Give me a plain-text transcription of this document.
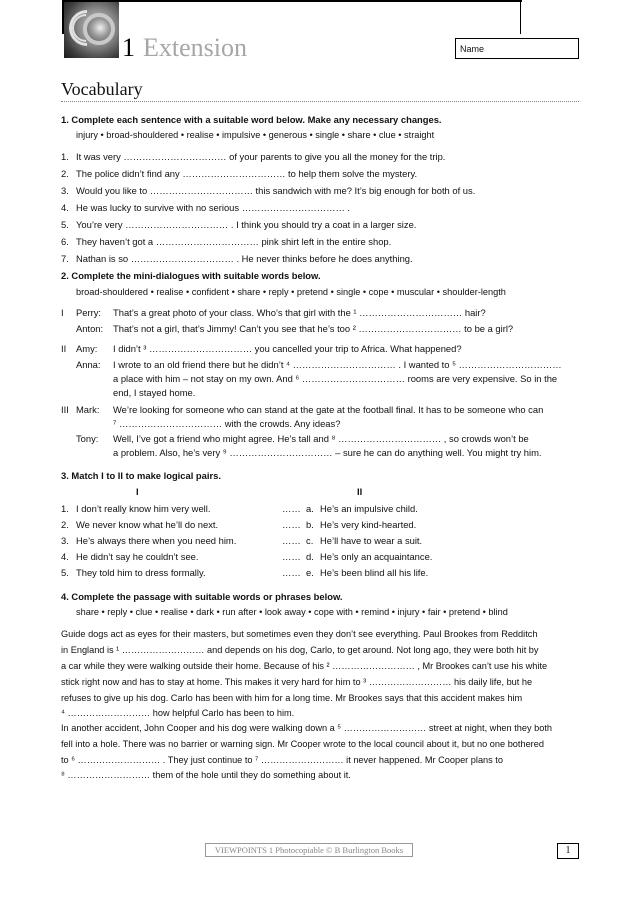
1 Extension	Name
Vocabulary
1. Complete each sentence with a suitable word below. Make any necessary changes.
injury • broad-shouldered • realise • impulsive • generous • single • share • clue • straight
1. It was very …………………………… of your parents to give you all the money for the trip.
2. The police didn’t find any …………………………… to help them solve the mystery.
3. Would you like to …………………………… this sandwich with me? It’s big enough for both of us.
4. He was lucky to survive with no serious …………………………… .
5. You’re very …………………………… . I think you should try a coat in a larger size.
6. They haven’t got a …………………………… pink shirt left in the entire shop.
7. Nathan is so …………………………… . He never thinks before he does anything.
2. Complete the mini-dialogues with suitable words below.
broad-shouldered • realise • confident • share • reply • pretend • single • cope • muscular • shoulder-length
I Perry: That’s a great photo of your class. Who’s that girl with the ¹ …………………………… hair?
Anton: That’s not a girl, that’s Jimmy! Can’t you see that he’s too ² …………………………… to be a girl?
II Amy: I didn’t ³ …………………………… you cancelled your trip to Africa. What happened?
Anna: I wrote to an old friend there but he didn’t ⁴ …………………………… . I wanted to ⁵ ……………………………
a place with him – not stay on my own. And ⁶ …………………………… rooms are very expensive. So in the
end, I stayed home.
III Mark: We’re looking for someone who can stand at the gate at the football final. It has to be someone who can
⁷ …………………………… with the crowds. Any ideas?
Tony: Well, I’ve got a friend who might agree. He’s tall and ⁸ …………………………… , so crowds won’t be
a problem. Also, he’s very ⁹ …………………………… – sure he can do anything well. You might try him.
3. Match I to II to make logical pairs.
I	II
1. I don’t really know him very well.	…… a. He’s an impulsive child.
2. We never know what he’ll do next.	…… b. He’s very kind-hearted.
3. He’s always there when you need him.	…… c. He’ll have to wear a suit.
4. He didn’t say he couldn’t see.	…… d. He’s only an acquaintance.
5. They told him to dress formally.	…… e. He’s been blind all his life.
4. Complete the passage with suitable words or phrases below.
share • reply • clue • realise • dark • run after • look away • cope with • remind • injury • fair • pretend • blind
Guide dogs act as eyes for their masters, but sometimes even they don’t see everything. Paul Brookes from Redditch
in England is ¹ ……………………… and depends on his dog, Carlo, to get around. Not long ago, they were both hit by
a car while they were walking outside their home. Because of his ² ……………………… , Mr Brookes can’t use his white
stick right now and has to stay at home. This makes it very hard for him to ³ ……………………… his daily life, but he
refuses to give up his dog. Carlo has been with him for a long time. Mr Brookes says that this accident makes him
⁴ ……………………… how helpful Carlo has been to him.
In another accident, John Cooper and his dog were walking down a ⁵ ……………………… street at night, when they both
fell into a hole. There was no barrier or warning sign. Mr Cooper wrote to the local council about it, but no one bothered
to ⁶ ……………………… . They just continue to ⁷ ……………………… it never happened. Mr Cooper plans to
⁸ ……………………… them of the hole until they do something about it.
VIEWPOINTS 1 Photocopiable © B Burlington Books	1
